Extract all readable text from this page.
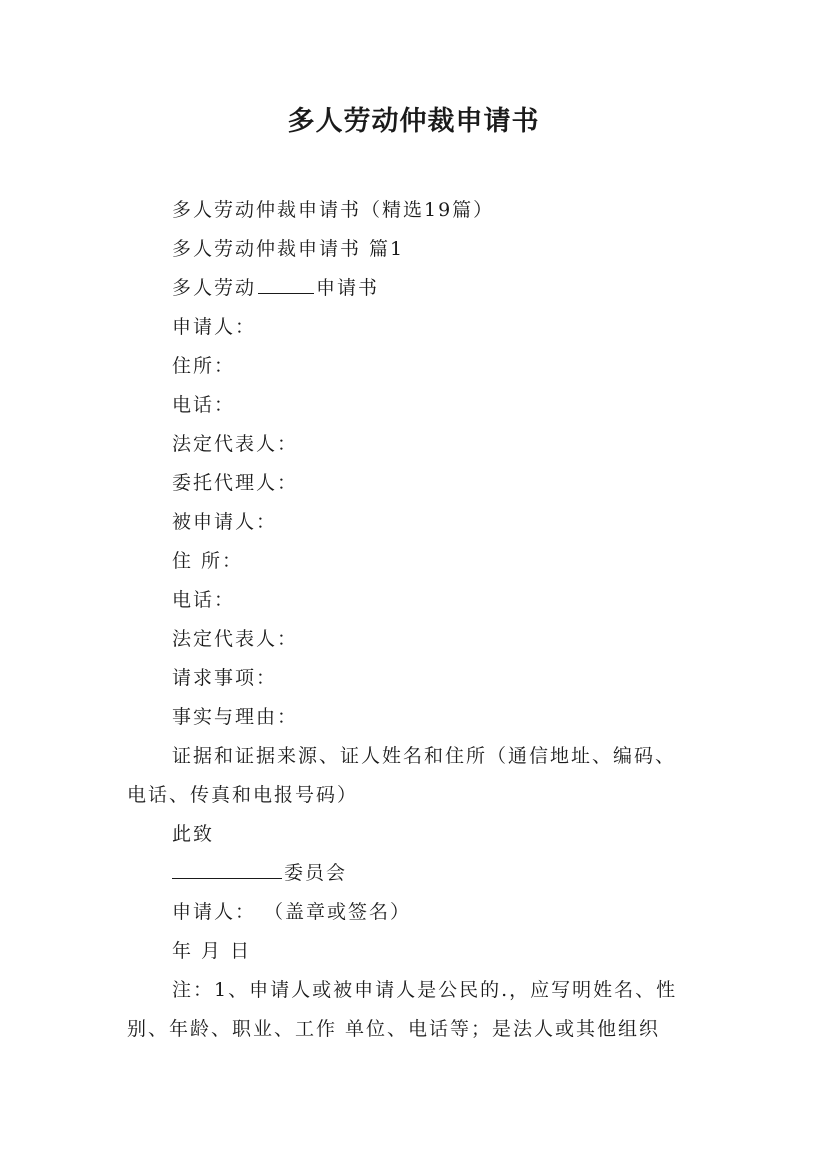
多人劳动仲裁申请书
多人劳动仲裁申请书（精选19篇）
多人劳动仲裁申请书 篇1
多人劳动	申请书
申请人：
住所：
电话：
法定代表人：
委托代理人：
被申请人：
住 所：
电话：
法定代表人：
请求事项：
事实与理由：
证据和证据来源、证人姓名和住所（通信地址、编码、
电话、传真和电报号码）
此致
委员会
申请人： （盖章或签名）
年 月 日
注：1、申请人或被申请人是公民的.，应写明姓名、性
别、年龄、职业、工作 单位、电话等；是法人或其他组织
